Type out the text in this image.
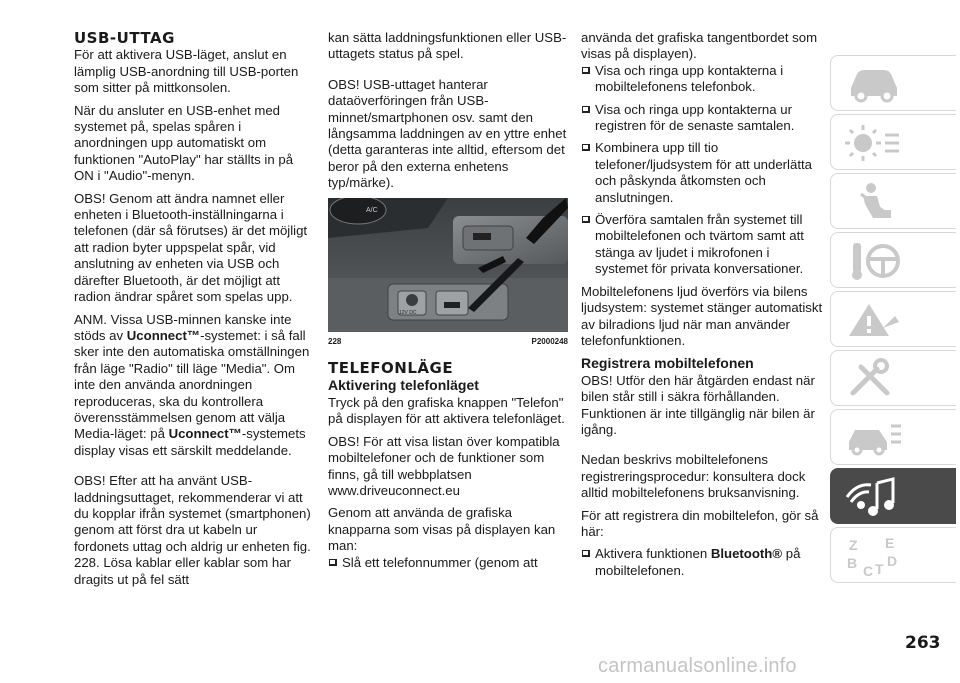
USB-UTTAG

För att aktivera USB-läget, anslut en lämplig USB-anordning till USB-porten som sitter på mittkonsolen.

När du ansluter en USB-enhet med systemet på, spelas spåren i anordningen upp automatiskt om funktionen "AutoPlay" har ställts in på ON i "Audio"-menyn.

OBS! Genom att ändra namnet eller enheten i Bluetooth-inställningarna i telefonen (där så förutses) är det möjligt att radion byter uppspelat spår, vid anslutning av enheten via USB och därefter Bluetooth, är det möjligt att radion ändrar spåret som spelas upp.

ANM. Vissa USB-minnen kanske inte stöds av Uconnect™-systemet: i så fall sker inte den automatiska omställningen från läge "Radio" till läge "Media". Om inte den använda anordningen reproduceras, ska du kontrollera överensstämmelsen genom att välja Media-läget: på Uconnect™-systemets display visas ett särskilt meddelande.

OBS! Efter att ha använt USB-laddningsuttaget, rekommenderar vi att du kopplar ifrån systemet (smartphonen) genom att först dra ut kabeln ur fordonets uttag och aldrig ur enheten fig. 228. Lösa kablar eller kablar som har dragits ut på fel sätt

kan sätta laddningsfunktionen eller USB-uttagets status på spel.

OBS! USB-uttaget hanterar dataöverföringen från USB-minnet/smartphonen osv. samt den långsamma laddningen av en yttre enhet (detta garanteras inte alltid, eftersom det beror på den externa enhetens typ/märke).

A/C
12V DC
228	P2000248
TELEFONLÄGE
Aktivering telefonläget

Tryck på den grafiska knappen "Telefon" på displayen för att aktivera telefonläget.

OBS! För att visa listan över kompatibla mobiltelefoner och de funktioner som finns, gå till webbplatsen www.driveuconnect.eu

Genom att använda de grafiska knapparna som visas på displayen kan man:

Slå ett telefonnummer (genom att

använda det grafiska tangentbordet som visas på displayen).

Visa och ringa upp kontakterna i mobiltelefonens telefonbok.

Visa och ringa upp kontakterna ur registren för de senaste samtalen.

Kombinera upp till tio telefoner/ljudsystem för att underlätta och påskynda åtkomsten och anslutningen.

Överföra samtalen från systemet till mobiltelefonen och tvärtom samt att stänga av ljudet i mikrofonen i systemet för privata konversationer.

Mobiltelefonens ljud överförs via bilens ljudsystem: systemet stänger automatiskt av bilradions ljud när man använder telefonfunktionen.

Registrera mobiltelefonen

OBS! Utför den här åtgärden endast när bilen står still i säkra förhållanden. Funktionen är inte tillgänglig när bilen är igång.

Nedan beskrivs mobiltelefonens registreringsprocedur: konsultera dock alltid mobiltelefonens bruksanvisning.

För att registrera din mobiltelefon, gör så här:

Aktivera funktionen Bluetooth® på mobiltelefonen.

Z E
B D
C T
263
carmanualsonline.info
